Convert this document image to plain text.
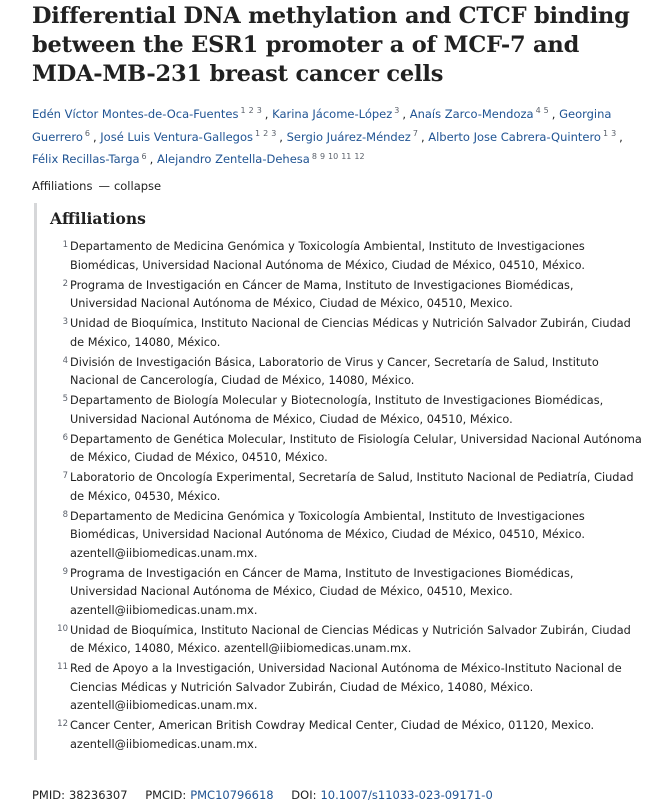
Differential DNA methylation and CTCF binding between the ESR1 promoter a of MCF-7 and MDA-MB-231 breast cancer cells
Edén Víctor Montes-de-Oca-Fuentes $^{1 2 3}$ , Karina Jácome-López $^3$ , Anaís Zarco-Mendoza $^{4 5}$ , Georgina Guerrero $^6$ , José Luis Ventura-Gallegos $^{1 2 3}$ , Sergio Juárez-Méndez $^7$ , Alberto Jose Cabrera-Quintero $^{1 3}$ , Félix Recillas-Targa $^6$ , Alejandro Zentella-Dehesa $^{8 9 10 11 12}$
Affiliations — collapse
Affiliations
1 Departamento de Medicina Genómica y Toxicología Ambiental, Instituto de Investigaciones Biomédicas, Universidad Nacional Autónoma de México, Ciudad de México, 04510, México.
2 Programa de Investigación en Cáncer de Mama, Instituto de Investigaciones Biomédicas, Universidad Nacional Autónoma de México, Ciudad de México, 04510, Mexico.
3 Unidad de Bioquímica, Instituto Nacional de Ciencias Médicas y Nutrición Salvador Zubirán, Ciudad de México, 14080, México.
4 División de Investigación Básica, Laboratorio de Virus y Cancer, Secretaría de Salud, Instituto Nacional de Cancerología, Ciudad de México, 14080, México.
5 Departamento de Biología Molecular y Biotecnología, Instituto de Investigaciones Biomédicas, Universidad Nacional Autónoma de México, Ciudad de México, 04510, México.
6 Departamento de Genética Molecular, Instituto de Fisiología Celular, Universidad Nacional Autónoma de México, Ciudad de México, 04510, México.
7 Laboratorio de Oncología Experimental, Secretaría de Salud, Instituto Nacional de Pediatría, Ciudad de México, 04530, México.
8 Departamento de Medicina Genómica y Toxicología Ambiental, Instituto de Investigaciones Biomédicas, Universidad Nacional Autónoma de México, Ciudad de México, 04510, México. azentell@iibiomedicas.unam.mx.
9 Programa de Investigación en Cáncer de Mama, Instituto de Investigaciones Biomédicas, Universidad Nacional Autónoma de México, Ciudad de México, 04510, Mexico. azentell@iibiomedicas.unam.mx.
10 Unidad de Bioquímica, Instituto Nacional de Ciencias Médicas y Nutrición Salvador Zubirán, Ciudad de México, 14080, México. azentell@iibiomedicas.unam.mx.
11 Red de Apoyo a la Investigación, Universidad Nacional Autónoma de México-Instituto Nacional de Ciencias Médicas y Nutrición Salvador Zubirán, Ciudad de México, 14080, México. azentell@iibiomedicas.unam.mx.
12 Cancer Center, American British Cowdray Medical Center, Ciudad de México, 01120, Mexico. azentell@iibiomedicas.unam.mx.
PMID: 38236307 PMCID: PMC10796618 DOI: 10.1007/s11033-023-09171-0
